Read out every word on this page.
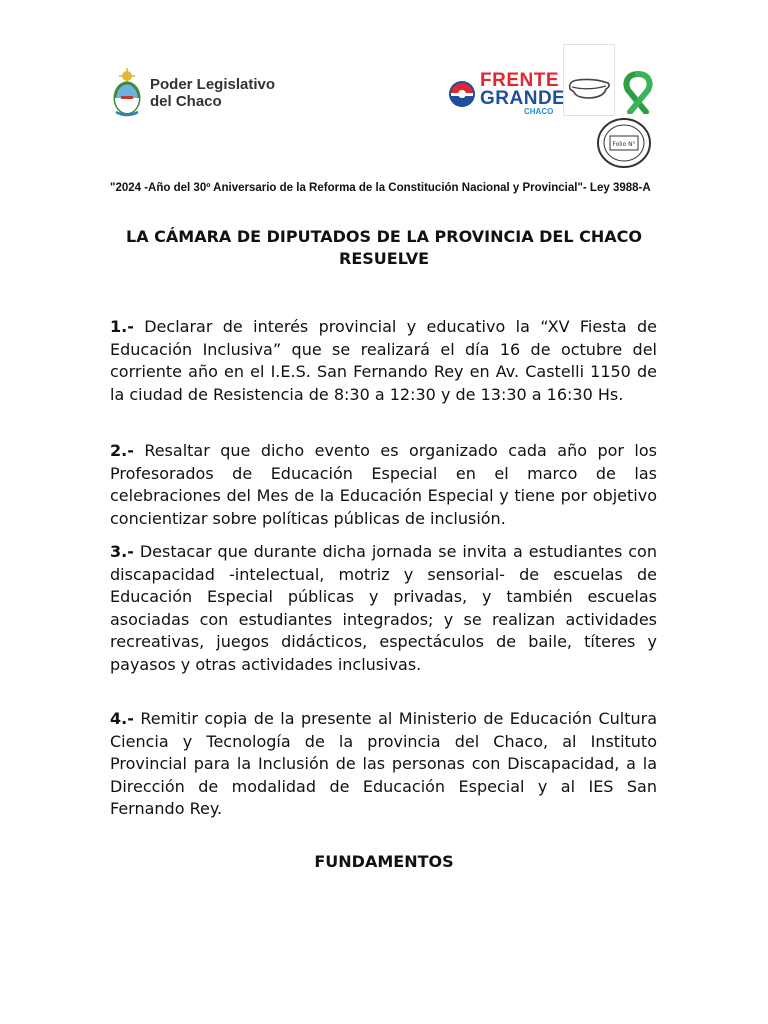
Poder Legislativo
del Chaco
FRENTE
GRANDE
CHACO
Folio N°
"2024 -Año del 30º Aniversario de la Reforma de la Constitución Nacional y Provincial"- Ley 3988-A
LA CÁMARA DE DIPUTADOS DE LA PROVINCIA DEL CHACO
RESUELVE

1.- Declarar de interés provincial y educativo la “XV Fiesta de Educación Inclusiva” que se realizará el día 16 de octubre del corriente año en el I.E.S. San Fernando Rey en Av. Castelli 1150 de la ciudad de Resistencia de 8:30 a 12:30 y de 13:30 a 16:30 Hs.

2.- Resaltar que dicho evento es organizado cada año por los Profesorados de Educación Especial en el marco de las celebraciones del Mes de la Educación Especial y tiene por objetivo concientizar sobre políticas públicas de inclusión.

3.- Destacar que durante dicha jornada se invita a estudiantes con discapacidad -intelectual, motriz y sensorial- de escuelas de Educación Especial públicas y privadas, y también escuelas asociadas con estudiantes integrados; y se realizan actividades recreativas, juegos didácticos, espectáculos de baile, títeres y payasos y otras actividades inclusivas.

4.- Remitir copia de la presente al Ministerio de Educación Cultura Ciencia y Tecnología de la provincia del Chaco, al Instituto Provincial para la Inclusión de las personas con Discapacidad, a la Dirección de modalidad de Educación Especial y al IES San Fernando Rey.

FUNDAMENTOS
